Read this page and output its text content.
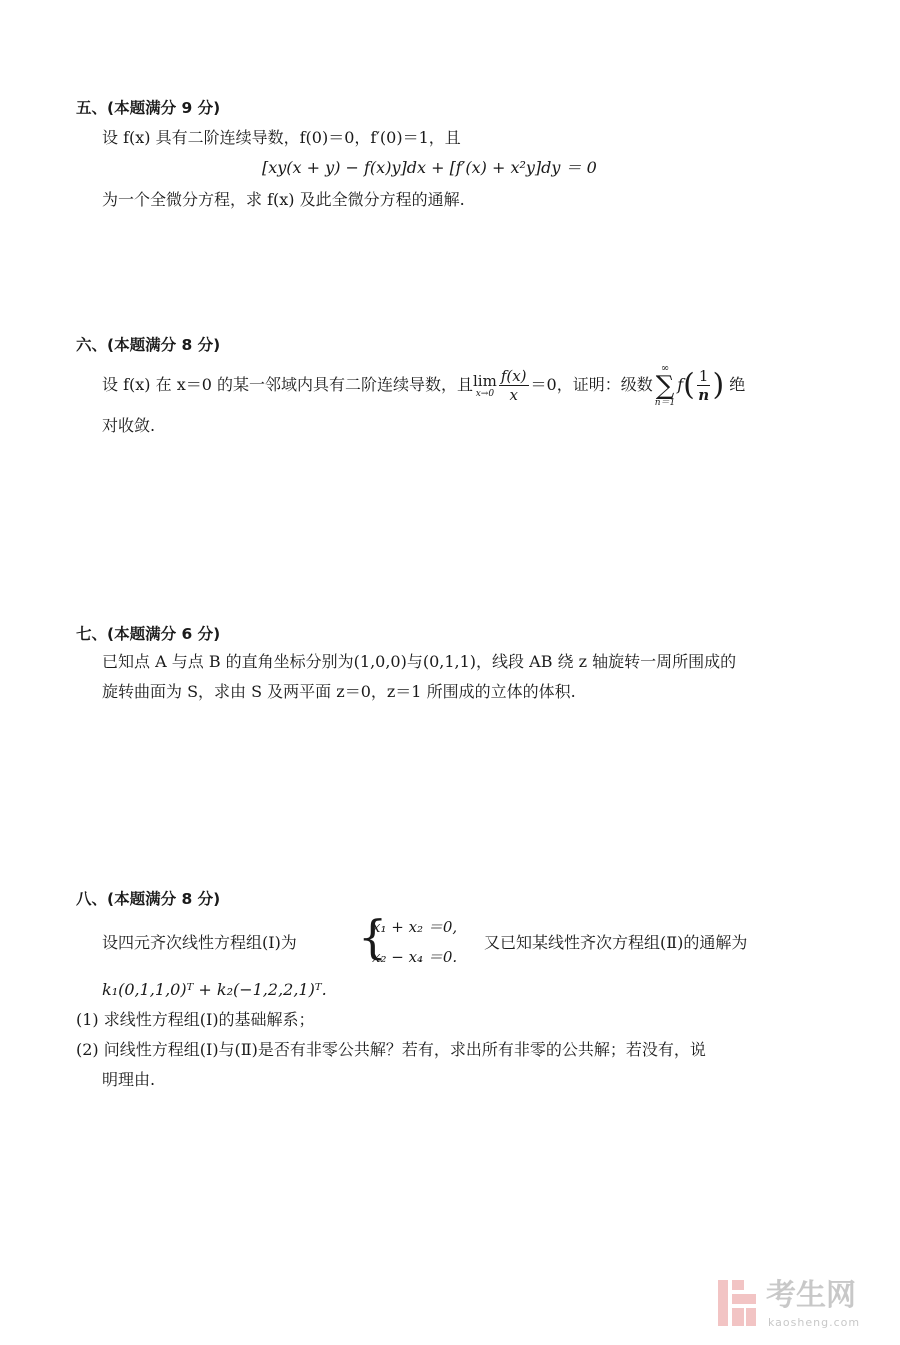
五、(本题满分 9 分)
设 f(x) 具有二阶连续导数，f(0)＝0，f′(0)＝1，且
[xy(x + y) − f(x)y]dx + [f′(x) + x²y]dy ＝ 0
为一个全微分方程，求 f(x) 及此全微分方程的通解.
六、(本题满分 8 分)
设 f(x) 在 x＝0 的某一邻域内具有二阶连续导数，且 lim
$x\to 0 \frac{f(x)}{x} =0$，证明：级数
∞
∑
n＝1
$f( \frac{1}{n}$ ) 绝
对收敛.
七、(本题满分 6 分)
已知点 A 与点 B 的直角坐标分别为(1,0,0)与(0,1,1)，线段 AB 绕 z 轴旋转一周所围成的
旋转曲面为 S，求由 S 及两平面 z＝0，z＝1 所围成的立体的体积.
八、(本题满分 8 分)
设四元齐次线性方程组(Ⅰ)为 {
x₁ + x₂ ＝0,
x₂ − x₄ ＝0.
又已知某线性齐次方程组(Ⅱ)的通解为
k₁(0,1,1,0)ᵀ + k₂(−1,2,2,1)ᵀ.
(1) 求线性方程组(Ⅰ)的基础解系；
(2) 问线性方程组(Ⅰ)与(Ⅱ)是否有非零公共解？若有，求出所有非零的公共解；若没有，说
明理由.
考生网
kaosheng.com
